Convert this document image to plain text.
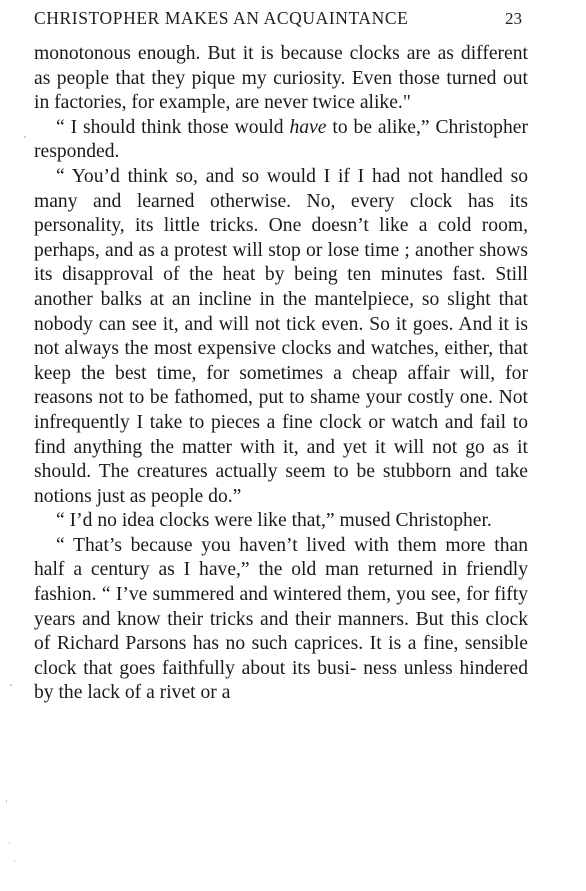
CHRISTOPHER MAKES AN ACQUAINTANCE	23

monotonous enough. But it is because clocks are as different as people that they pique my curiosity. Even those turned out in factories, for example, are never twice alike."

“ I should think those would have to be alike,” Christopher responded.

“ You’d think so, and so would I if I had not handled so many and learned otherwise. No, every clock has its personality, its little tricks. One doesn’t like a cold room, perhaps, and as a protest will stop or lose time ; another shows its disapproval of the heat by being ten minutes fast. Still another balks at an incline in the mantelpiece, so slight that nobody can see it, and will not tick even. So it goes. And it is not always the most expensive clocks and watches, either, that keep the best time, for sometimes a cheap affair will, for reasons not to be fathomed, put to shame your costly one. Not infrequently I take to pieces a fine clock or watch and fail to find anything the matter with it, and yet it will not go as it should. The creatures actually seem to be stubborn and take notions just as people do.”

“ I’d no idea clocks were like that,” mused Christopher.

“ That’s because you haven’t lived with them more than half a century as I have,” the old man returned in friendly fashion. “ I’ve summered and wintered them, you see, for fifty years and know their tricks and their manners. But this clock of Richard Parsons has no such caprices. It is a fine, sensible clock that goes faithfully about its busi- ness unless hindered by the lack of a rivet or a
